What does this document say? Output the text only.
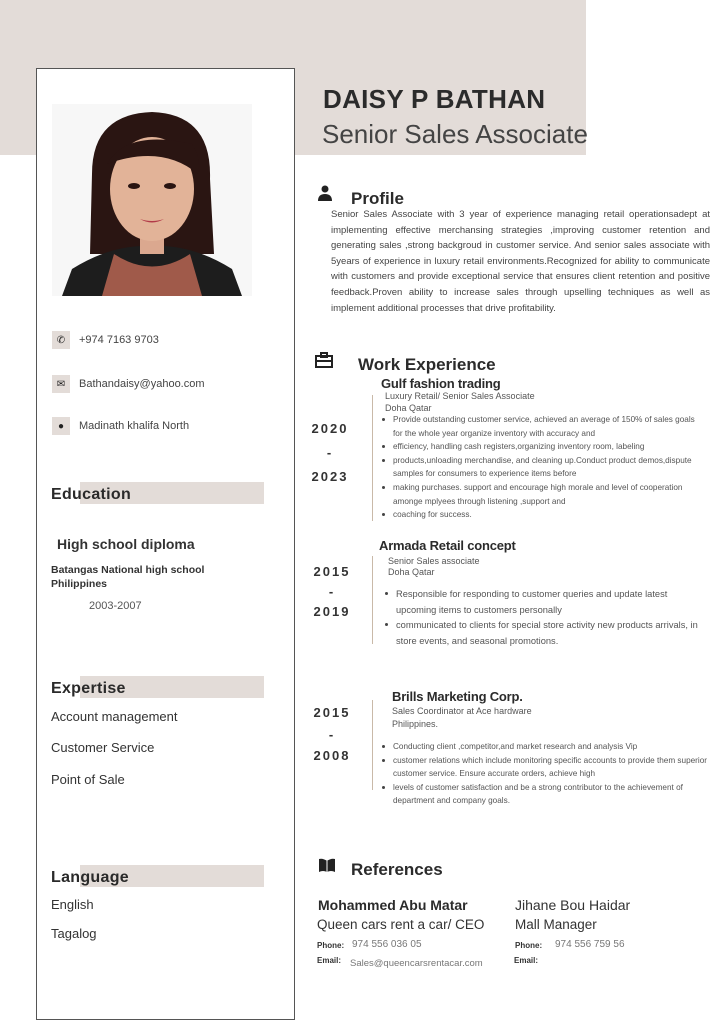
✆	+974 7163 9703
✉	Bathandaisy@yahoo.com
●	Madinath khalifa North
Education
High school diploma
Batangas National high school Philippines
2003-2007
Expertise
Account management
Customer Service
Point of Sale
Language
English
Tagalog
DAISY P BATHAN
Senior Sales Associate
Profile
Senior Sales Associate with 3 year of experience managing retail operationsadept at implementing effective merchansing strategies ,improving customer retention and generating sales ,strong backgroud in customer service. And senior sales associate with 5years of experience in luxury retail environments.Recognized for ability to communicate with customers and provide exceptional service that ensures client retention and positive feedback.Proven ability to increase sales through upselling techniques as well as implement additional processes that drive profitability.
Work Experience
2020
-
2023
Gulf fashion trading
Luxury Retail/ Senior Sales Associate
Doha Qatar
Provide outstanding customer service, achieved an average of 150% of sales goals for the whole year organize inventory with accuracy and
efficiency, handling cash registers,organizing inventory room, labeling
products,unloading merchandise, and cleaning up.Conduct product demos,dispute samples for consumers to experience items before
making purchases. support and encourage high morale and level of cooperation amonge mplyees through listening ,support and
coaching for success.
2015
-
2019
Armada Retail concept
Senior Sales associate
Doha Qatar
Responsible for responding to customer queries and update latest upcoming items to customers personally
communicated to clients for special store activity new products arrivals, in store events, and seasonal promotions.
2015
-
2008
Brills Marketing Corp.
Sales Coordinator at Ace hardware
Philippines.
Conducting client ,competitor,and market research and analysis Vip
customer relations which include monitoring specific accounts to provide them superior customer service. Ensure accurate orders, achieve high
levels of customer satisfaction and be a strong contributor to the achievement of department and company goals.
References
Mohammed Abu Matar
Queen cars rent a car/ CEO
Phone: 974 556 036 05
Email: Sales@queencarsrentacar.com
Jihane Bou Haidar
Mall Manager
Phone: 974 556 759 56
Email:
